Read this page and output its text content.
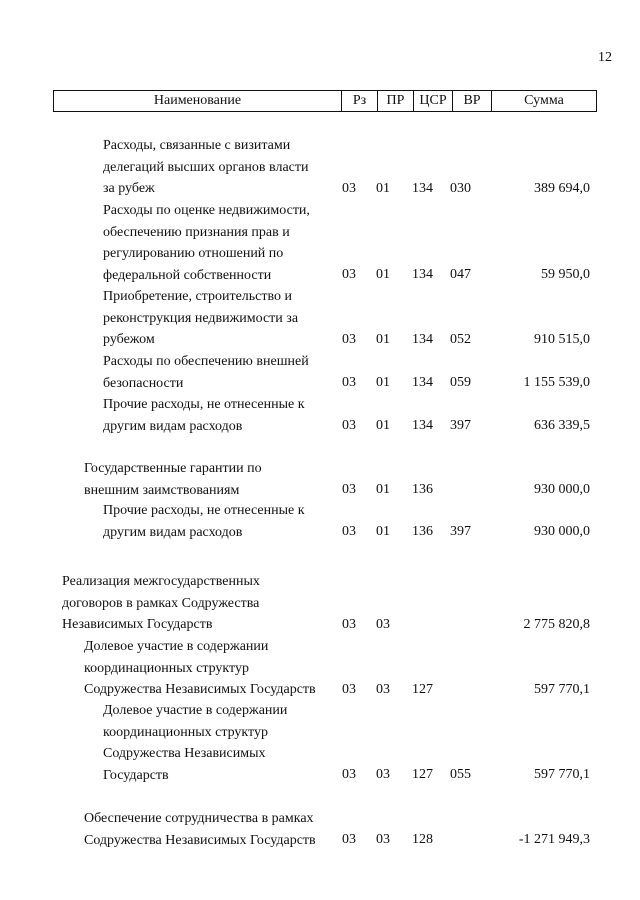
12
Наименование	Рз	ПР	ЦСР	ВР	Сумма
Расходы, связанные с визитами
делегаций высших органов власти
за рубеж	03 01 134 030	389 694,0
Расходы по оценке недвижимости,
обеспечению признания прав и
регулированию отношений по
федеральной собственности	03 01 134 047	59 950,0
Приобретение, строительство и
реконструкция недвижимости за
рубежом	03 01 134 052	910 515,0
Расходы по обеспечению внешней
безопасности	03 01 134 059	1 155 539,0
Прочие расходы, не отнесенные к
другим видам расходов	03 01 134 397	636 339,5
Государственные гарантии по
внешним заимствованиям	03 01 136	930 000,0
Прочие расходы, не отнесенные к
другим видам расходов	03 01 136 397	930 000,0
Реализация межгосударственных
договоров в рамках Содружества
Независимых Государств	03 03	2 775 820,8
Долевое участие в содержании
координационных структур
Содружества Независимых Государств 03 03 127	597 770,1
Долевое участие в содержании
координационных структур
Содружества Независимых
Государств	03 03 127 055	597 770,1
Обеспечение сотрудничества в рамках
Содружества Независимых Государств 03 03 128	-1 271 949,3
